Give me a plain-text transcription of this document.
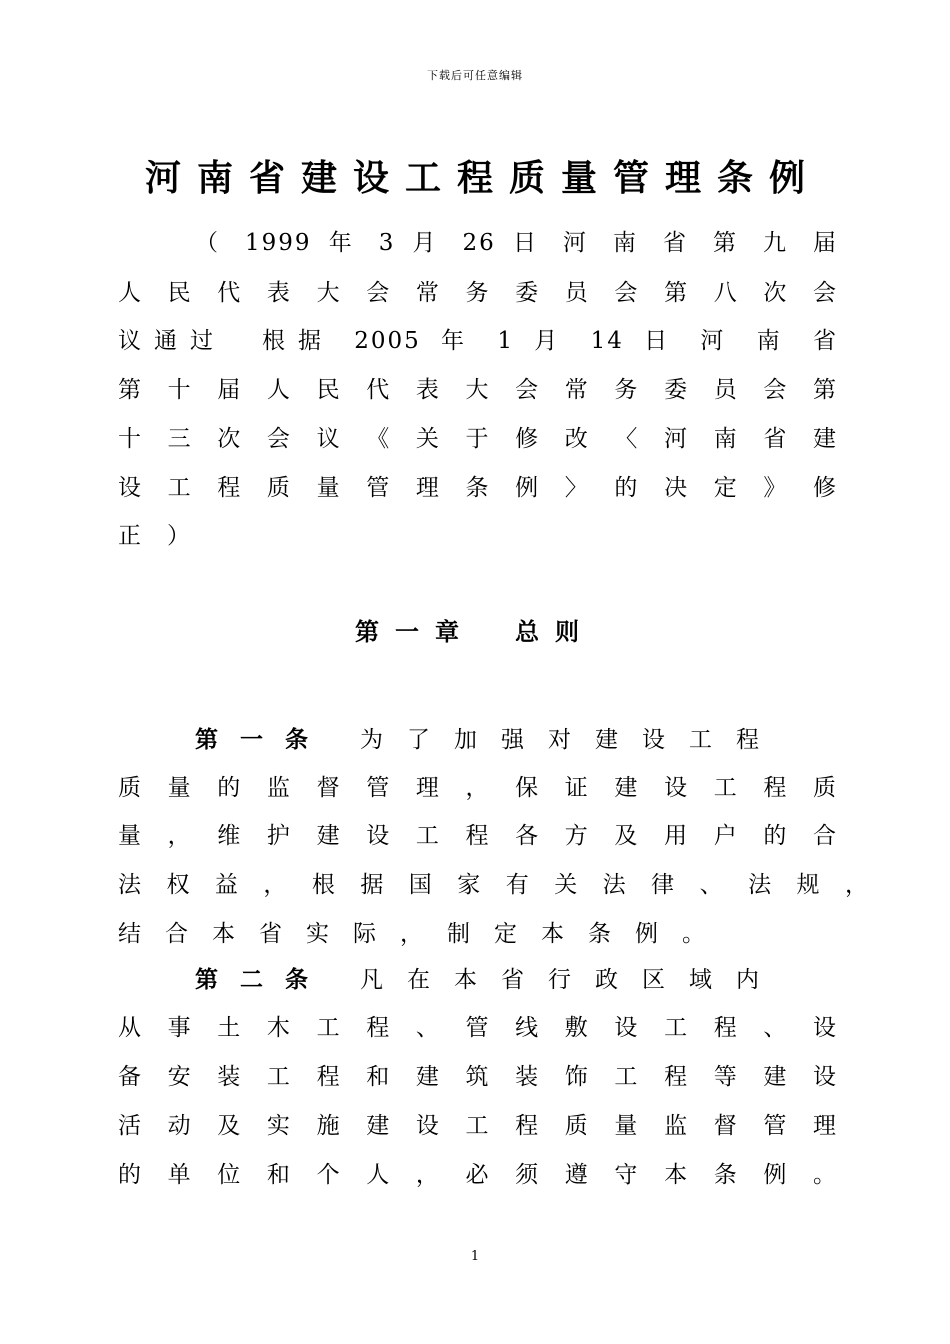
下载后可任意编辑
河南省建设工程质量管理条例
（ 1999 年 3 月 26 日 河 南 省 第 九 届
人民代表大会常务委员会第八次会
议通过　根据 2005 年 1 月 14 日 河 南 省
第十届人民代表大会常务委员会第
十三次会议《关于修改〈河南省建
设工程质量管理条例〉的决定》修
正）
第一章 总则
第一条 为了加强对建设工程
质量的监督管理，保证建设工程质
量，维护建设工程各方及用户的合
法权益，根据国家有关法律、法规，
结合本省实际，制定本条例。
第二条 凡在本省行政区域内
从事土木工程、管线敷设工程、设
备安装工程和建筑装饰工程等建设
活动及实施建设工程质量监督管理
的单位和个人，必须遵守本条例。
1
